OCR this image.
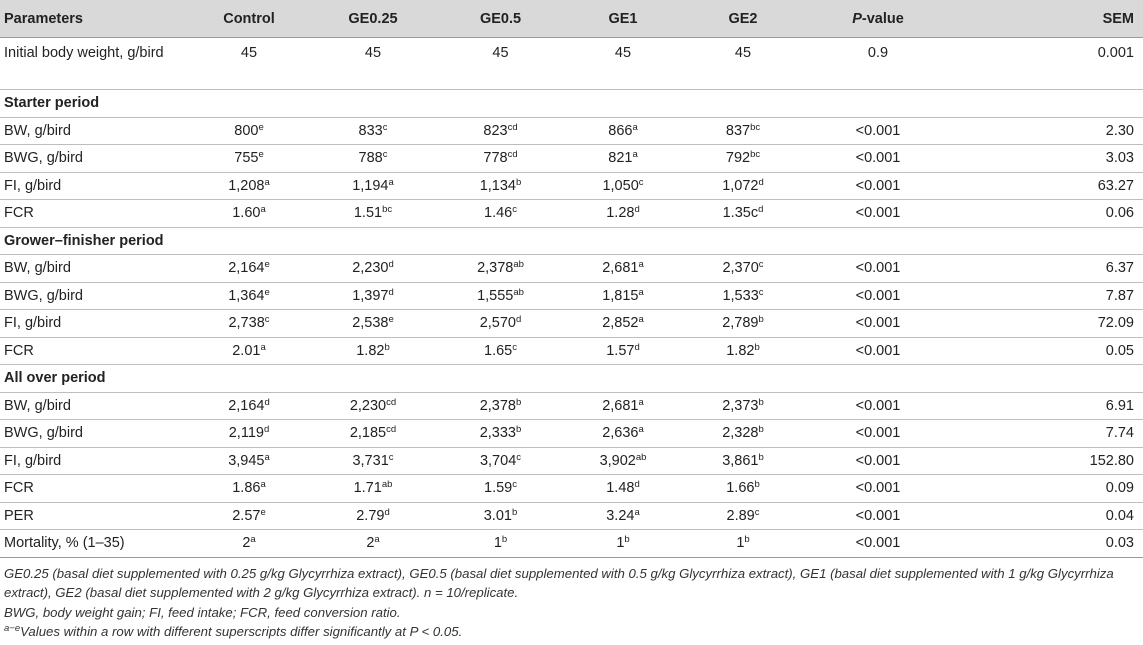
Parameters	Control	GE0.25	GE0.5	GE1	GE2	P-value	SEM
Initial body weight, g/bird	45	45	45	45	45	0.9	0.001
Starter period							
BW, g/bird	800e	833$^c$	$823^{cd}$	866$^a$	$837^{bc}$	<0.001	2.30
BWG, g/bird	755e	788$^c$	$778^{cd}$	821$^a$	$792^{bc}$	<0.001	3.03
FI, g/bird	1,208$^a$	1,194$^a$	1,134$^b$	1,050$^c$	1,072$^d$	<0.001	63.27
FCR	1.60$^a$	1.51$^{bc}$	1.46$^c$	1.28$^d$	$1.35c^d$	<0.001	0.06
Grower–finisher period							
BW, g/bird	2,164e	2,230$^d$	2,378$^{ab}$	2,681$^a$	2,370$^c$	<0.001	6.37
BWG, g/bird	1,364e	1,397$^d$	1,555$^{ab}$	1,815$^a$	1,533$^c$	<0.001	7.87
FI, g/bird	2,738$^c$	2,538e	2,570$^d$	2,852$^a$	2,789$^b$	<0.001	72.09
FCR	2.01$^a$	1.82$^b$	1.65$^c$	1.57$^d$	1.82$^b$	<0.001	0.05
All over period							
BW, g/bird	2,164$^d$	2,230$^{cd}$	2,378$^b$	2,681$^a$	2,373$^b$	<0.001	6.91
BWG, g/bird	2,119$^d$	2,185$^{cd}$	2,333$^b$	2,636$^a$	2,328$^b$	<0.001	7.74
FI, g/bird	3,945$^a$	3,731$^c$	3,704$^c$	3,902$^{ab}$	3,861$^b$	<0.001	152.80
FCR	1.86$^a$	1.71$^{ab}$	1.59$^c$	1.48$^d$	1.66$^b$	<0.001	0.09
PER	2.57e	2.79$^d$	3.01$^b$	3.24$^a$	2.89$^c$	<0.001	0.04
Mortality, % (1–35)	2$^a$	2$^a$	1$^b$	1$^b$	$1^b$	<0.001	0.03

GE0.25 (basal diet supplemented with 0.25 g/kg Glycyrrhiza extract), GE0.5 (basal diet supplemented with 0.5 g/kg Glycyrrhiza extract), GE1 (basal diet supplemented with 1 g/kg Glycyrrhiza extract), GE2 (basal diet supplemented with 2 g/kg Glycyrrhiza extract). n = 10/replicate.

BWG, body weight gain; FI, feed intake; FCR, feed conversion ratio.

$^{a-e}$Values within a row with different superscripts differ significantly at P < 0.05.
